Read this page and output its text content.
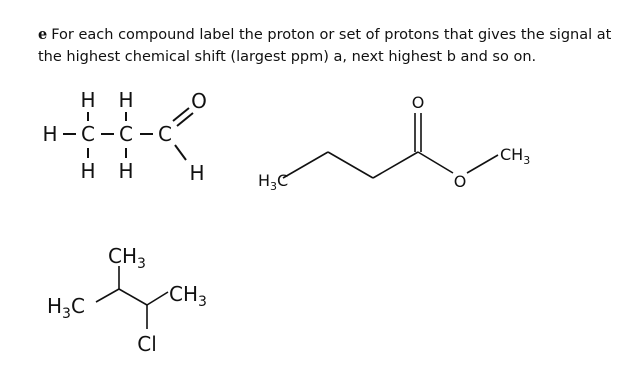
e For each compound label the proton or set of protons that gives the signal at the highest chemical shift (largest ppm) a, next highest b and so on.

H H	O
H C C C
H H	H
O
O
$H_3C$
$CH_3$
$CH_3$
$H_3C$	$CH_3$
Cl
